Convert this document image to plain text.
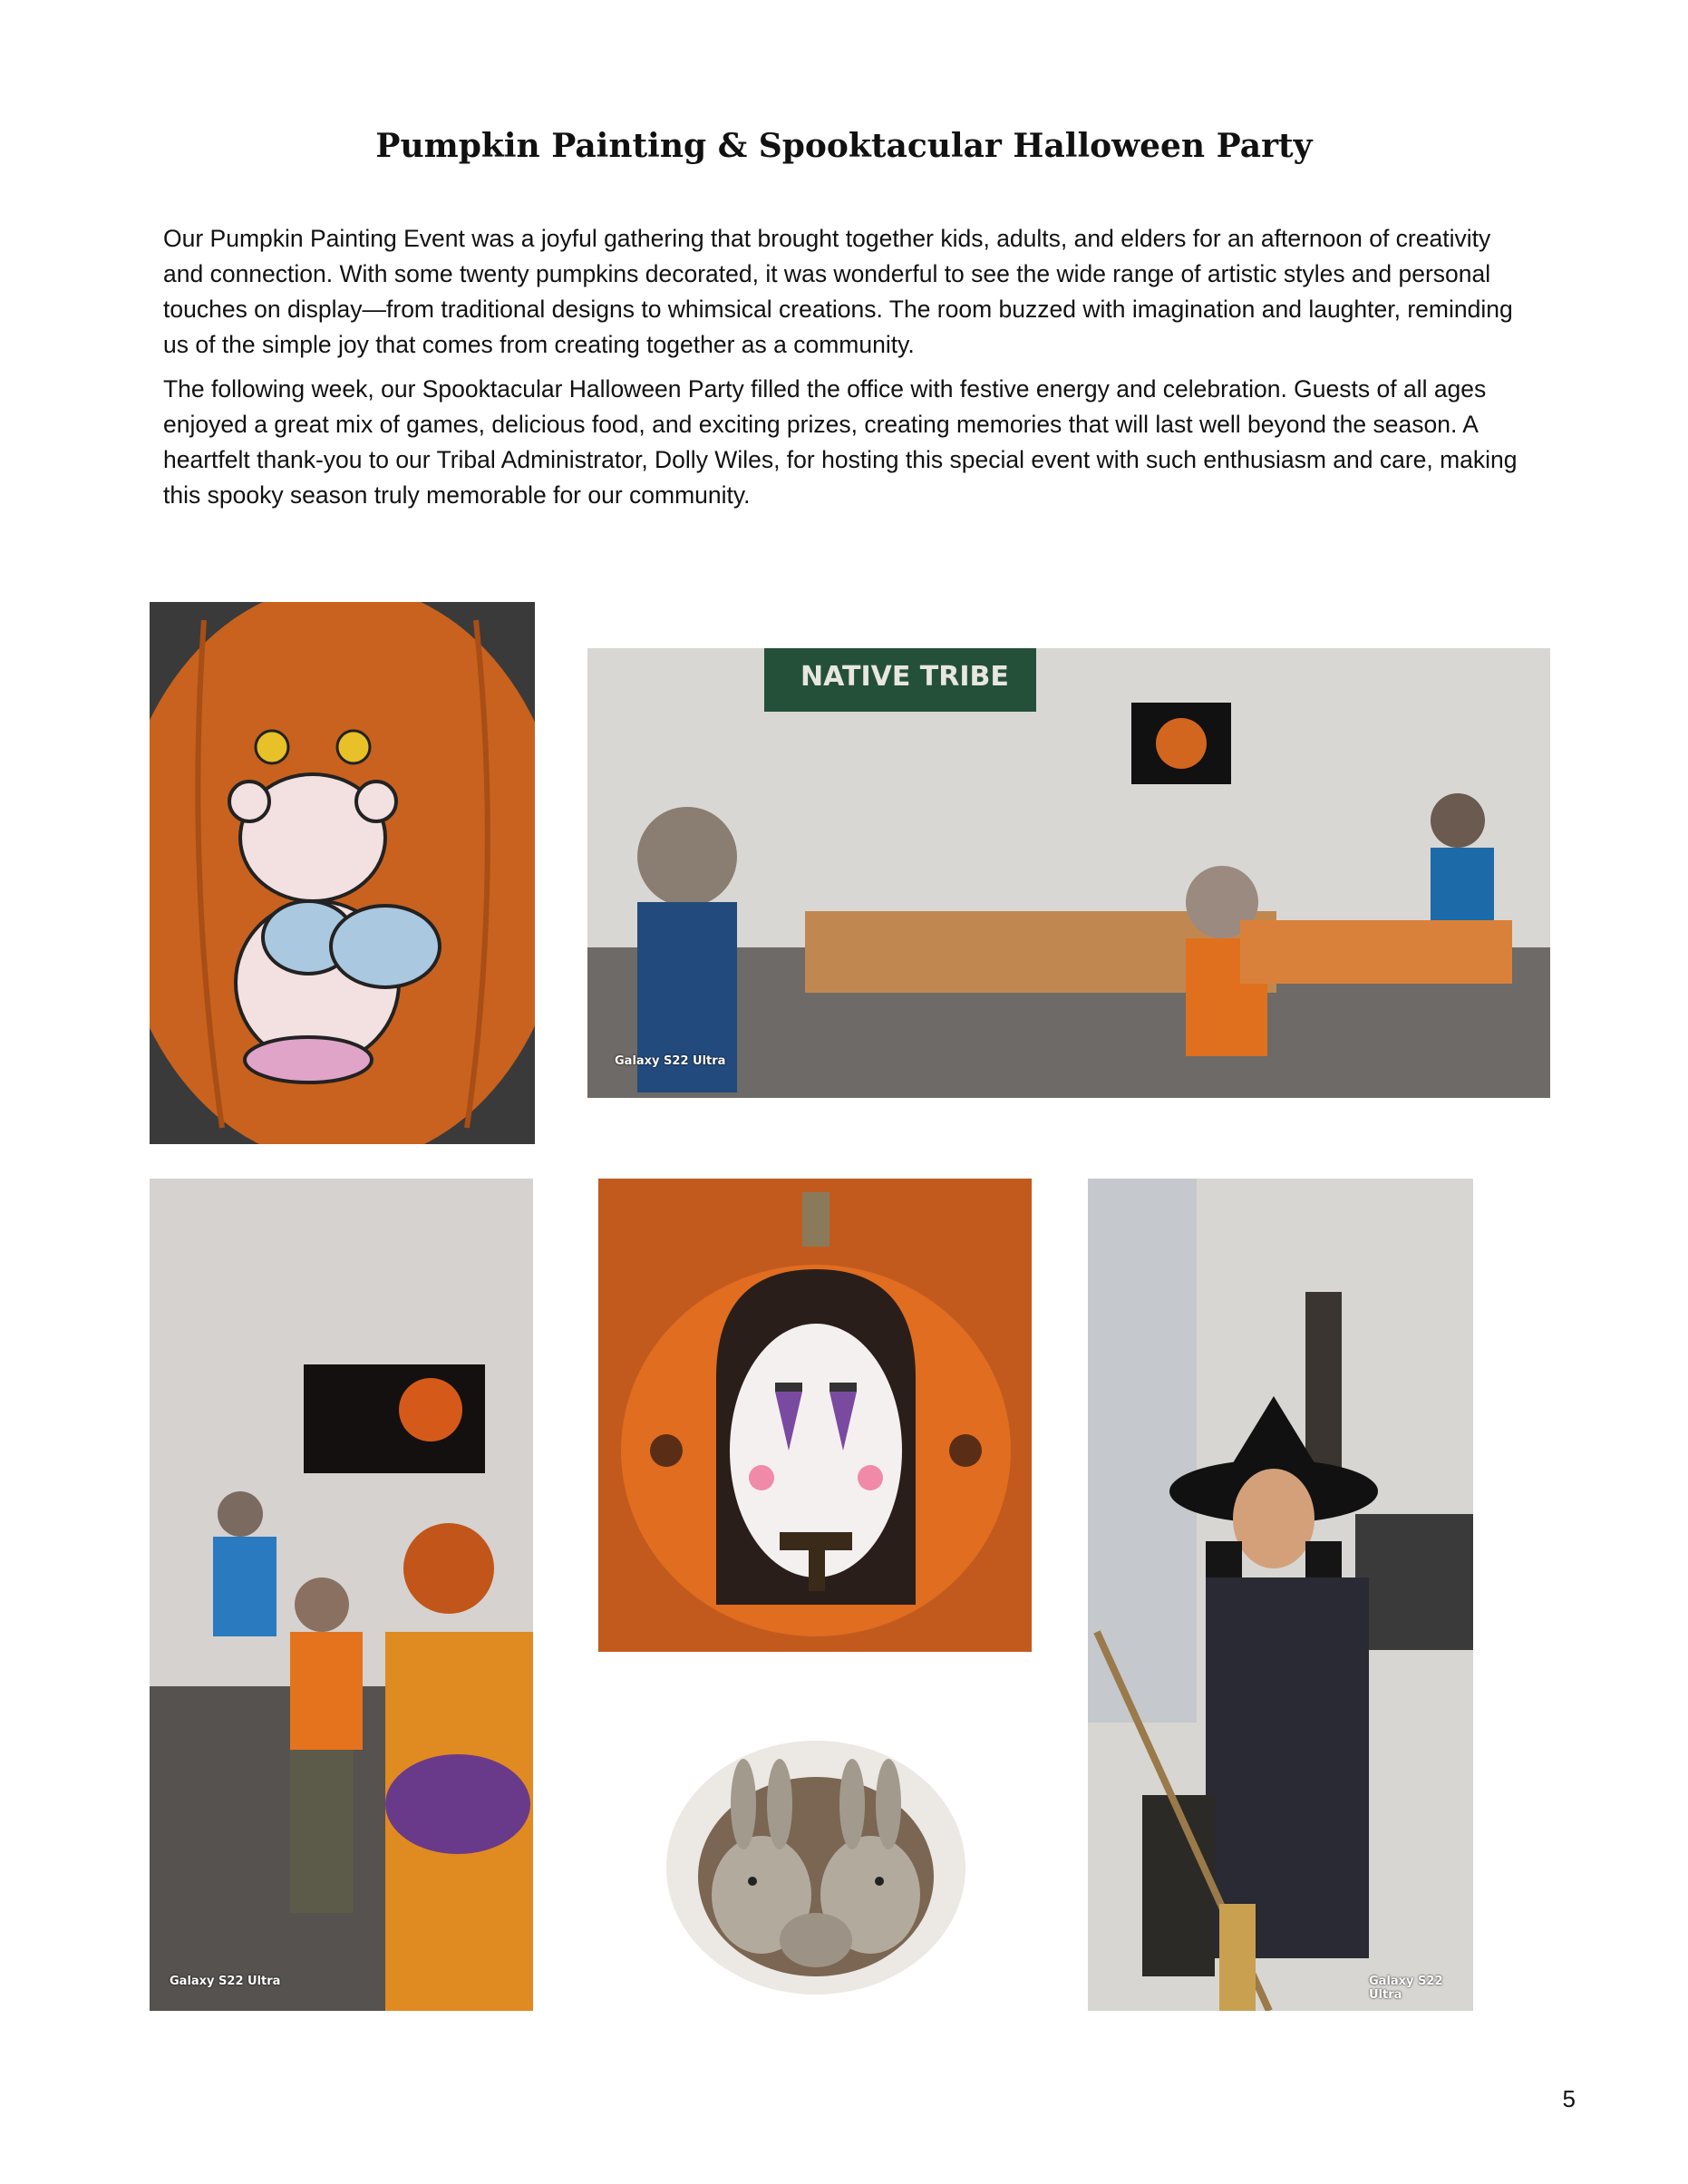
Pumpkin Painting & Spooktacular Halloween Party

Our Pumpkin Painting Event was a joyful gathering that brought together kids, adults, and elders for an afternoon of creativity and connection. With some twenty pumpkins decorated, it was wonderful to see the wide range of artistic styles and personal touches on display—from traditional designs to whimsical creations. The room buzzed with imagination and laughter, reminding us of the simple joy that comes from creating together as a community.

The following week, our Spooktacular Halloween Party filled the office with festive energy and celebration. Guests of all ages enjoyed a great mix of games, delicious food, and exciting prizes, creating memories that will last well beyond the season. A heartfelt thank-you to our Tribal Administrator, Dolly Wiles, for hosting this special event with such enthusiasm and care, making this spooky season truly memorable for our community.

NATIVE TRIBE
Galaxy S22 Ultra
Galaxy S22 Ultra	Galaxy S22 Ultra
5
